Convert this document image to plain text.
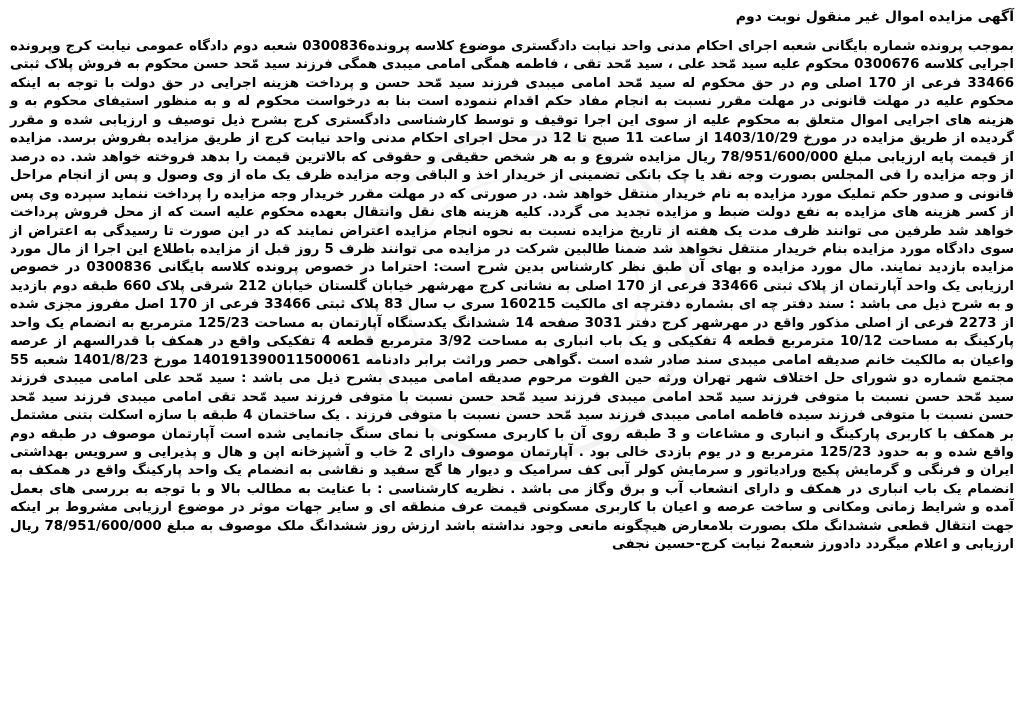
آگهی مزایده اموال غیر منقول نوبت دوم
بموجب پرونده شماره بایگانی شعبه اجرای احکام مدنی واحد نیابت دادگستری موضوع کلاسه پرونده0300836 شعبه دوم دادگاه عمومی نیابت کرج وپرونده اجرایی کلاسه 0300676 محکوم علیه سید مّحد علی ، سید مّحد تقی ، فاطمه همگی امامی میبدی همگی فرزند سید مّحد حسن محکوم به فروش پلاک ثبتی 33466 فرعی از 170 اصلی وم در حق محکوم له سید مّحد امامی میبدی فرزند سید مّحد حسن و پرداخت هزینه اجرایی در حق دولت با توجه به اینکه محکوم علیه در مهلت قانونی در مهلت مقرر نسبت به انجام مفاد حکم اقدام ننموده است بنا به درخواست محکوم له و به منظور استیفای محکوم به و هزینه های اجرایی اموال متعلق به محکوم علیه از سوی این اجرا توقیف و توسط کارشناسی دادگستری کرج بشرح ذیل توصیف و ارزیابی شده و مقرر گردیده از طریق مزایده در مورخ 1403/10/29 از ساعت 11 صبح تا 12 در محل اجرای احکام مدنی واحد نیابت کرج از طریق مزایده بفروش برسد. مزایده از قیمت پایه ارزیابی مبلغ 78/951/600/000 ریال مزایده شروع و به هر شخص حقیقی و حقوقی که بالاترین قیمت را بدهد فروخته خواهد شد. ده درصد از وجه مزایده را فی المجلس بصورت وجه نقد یا چک بانکی تضمینی از خریدار اخذ و الباقی وجه مزایده ظرف یک ماه از وی وصول و پس از انجام مراحل قانونی و صدور حکم تملیک مورد مزایده به نام خریدار منتقل خواهد شد. در صورتی که در مهلت مقرر خریدار وجه مزایده را پرداخت ننماید سپرده وی پس از کسر هزینه های مزایده به نفع دولت ضبط و مزایده تجدید می گردد. کلیه هزینه های نقل وانتقال بعهده محکوم علیه است که از محل فروش پرداخت خواهد شد طرفین می توانند ظرف مدت یک هفته از تاریخ مزایده نسبت به نحوه انجام مزایده اعتراض نمایند که در این صورت تا رسیدگی به اعتراض از سوی دادگاه مورد مزایده بنام خریدار منتقل نخواهد شد ضمنا طالبین شرکت در مزایده می توانند ظرف 5 روز قبل از مزایده باطلاع این اجرا از مال مورد مزایده بازدید نمایند. مال مورد مزایده و بهای آن طبق نظر کارشناس بدین شرح است: احتراما در خصوص پرونده کلاسه بایگانی 0300836 در خصوص ارزیابی یک واحد آپارتمان از پلاک ثبتی 33466 فرعی از 170 اصلی به نشانی کرج مهرشهر خیابان گلستان خیابان 212 شرقی پلاک 660 طبقه دوم بازدید و به شرح ذیل می باشد : سند دفتر چه ای بشماره دفترچه ای مالکیت 160215 سری ب سال 83 پلاک ثبتی 33466 فرعی از 170 اصل مفروز مجزی شده از 2273 فرعی از اصلی مذکور واقع در مهرشهر کرج دفتر 3031 صفحه 14 ششدانگ یکدستگاه آپارتمان به مساحت 125/23 مترمربع به انضمام یک واحد پارکینگ به مساحت 10/12 مترمربع قطعه 4 تفکیکی و یک باب انباری به مساحت 3/92 مترمربع قطعه 4 تفکیکی واقع در همکف با قدرالسهم از عرصه واعیان به مالکیت خانم صدیقه امامی میبدی سند صادر شده است .گواهی حصر وراثت برابر دادنامه 140191390011500061 مورخ 1401/8/23 شعبه 55 مجتمع شماره دو شورای حل اختلاف شهر تهران ورثه حین الفوت مرحوم صدیقه امامی میبدی بشرح ذیل می باشد : سید مّحد علی امامی میبدی فرزند سید مّحد حسن نسبت با متوفی فرزند سید مّحد امامی میبدی فرزند سید مّحد حسن نسبت با متوفی فرزند سید مّحد تقی امامی میبدی فرزند سید مّحد حسن نسبت با متوفی فرزند سیده فاطمه امامی میبدی فرزند سید مّحد حسن نسبت با متوفی فرزند . یک ساختمان 4 طبقه با سازه اسکلت بتنی مشتمل بر همکف با کاربری پارکینگ و انباری و مشاعات و 3 طبقه روی آن با کاربری مسکونی با نمای سنگ جانمایی شده است آپارتمان موصوف در طبقه دوم واقع شده و به حدود 125/23 مترمربع و در یوم بازدی خالی بود . آپارتمان موصوف دارای 2 خاب و آشپزخانه اپن و هال و پذیرایی و سرویس بهداشتی ایران و فرنگی و گرمایش پکیج ورادیاتور و سرمایش کولر آبی کف سرامیک و دیوار ها گچ سفید و نقاشی به انضمام یک واحد پارکینگ واقع در همکف به انضمام یک باب انباری در همکف و دارای انشعاب آب و برق وگاز می باشد . نظریه کارشناسی : با عنایت به مطالب بالا و با توجه به بررسی های بعمل آمده و شرایط زمانی ومکانی و ساخت عرصه و اعیان با کاربری مسکونی قیمت عرف منطقه ای و سایر جهات موثر در موضوع ارزیابی مشروط بر اینکه جهت انتقال قطعی ششدانگ ملک بصورت بلامعارض هیچگونه مانعی وجود نداشته باشد ارزش روز ششدانگ ملک موصوف به مبلغ 78/951/600/000 ریال ارزیابی و اعلام میگردد دادورز شعبه2 نیابت کرج-حسین نجفی
